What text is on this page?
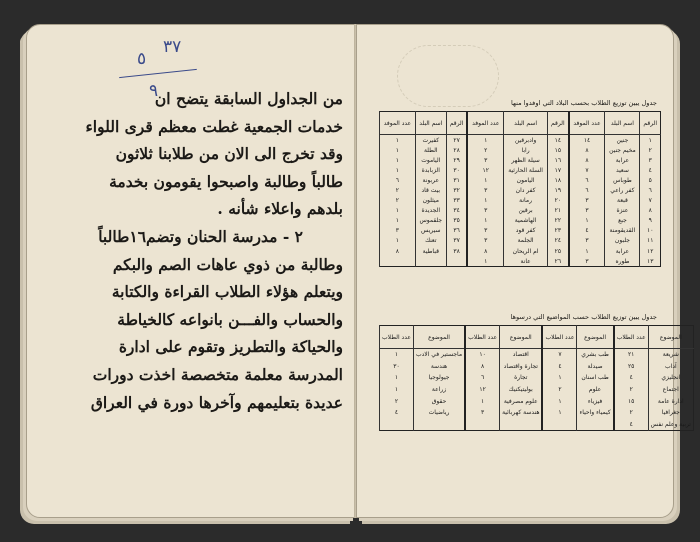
٣٧
٥
٩

من الجداول السابقة يتضح ان

خدمات الجمعية غطت معظم قرى اللواء

وقد تخرج الى الان من طلابنا ثلاثون

طالباً وطالبة واصبحوا يقومون بخدمة

بلدهم واعلاء شأنه .

٢ - مدرسة الحنان وتضم١٦طالباً

وطالبة من ذوي عاهات الصم والبكم

ويتعلم هؤلاء الطلاب القراءة والكتابة

والحساب والفـــن بانواعه كالخياطة

والحياكة والتطريز وتقوم على ادارة

المدرسة معلمة متخصصة اخذت دورات

عديدة بتعليمهم وآخرها دورة في العراق

جدول يبين توزيع الطلاب بحسب البلاد التي اوفدوا منها
الرقم	اسم البلد	عدد الموفد	الرقم	اسم البلد	عدد الموفد	الرقم	اسم البلد	عدد الموفد
١	جنين	١٤	١٤	وادبرقين	١	٢٧	كفيرت	١
٢	مخيم جنين	٨	١٥	رابا	٢	٢٨	الطلة	١
٣	عرابة	٨	١٦	سيلة الظهر	٣	٢٩	الياموت	١
٤	سعيد	٧	١٧	السلة الحارثية	١٢	٣٠	الزبابدة	١
٥	طوباس	٦	١٨	اليامون	١	٣١	عربونة	٦
٦	كفر راعي	٦	١٩	كفر دان	٣	٣٢	بيت قاد	٢
٧	قبعة	٣	٢٠	رمانة	١	٣٣	ميثلون	٢
٨	عنزة	٣	٢١	برقين	٣	٣٤	الجديدة	١
٩	جبع	١	٢٢	الهاشمية	١	٣٥	جلقموس	١
١٠	القديقومنة	٤	٢٣	كفر قود	٣	٣٦	سيريس	٣
١١	جلبون	٣	٢٤	الجلمة	٣	٣٧	تعنك	١
١٢	عرابة	١	٢٥	ام الريحان	٨	٣٨	قباطية	٨
١٣	طوره	٣	٢٦	عانة	١			
جدول يبين توزيع الطلاب حسب المواضيع التي درسوها
الموضوع	عدد الطلاب	الموضوع	عدد الطلاب	الموضوع	عدد الطلاب	الموضوع	عدد الطلاب
شريعة	٢١	طب بشري	٧	اقتصاد	١٠	ماجستير في الادب	١
آداب	٢٥	صيدلة	٤	تجارة واقتصاد	٨	هندسة	٣٠
انجليزي	٤	طب اسنان	١	تجارة	٦	جيولوجيا	١
اجتماع	٢	علوم	٢	بوليتيكنيك	١٢	زراعة	١
ادارة عامة	١٥	فيزياء	١	علوم مصرفية	١	حقوق	٢
جغرافيا	٢	كيمياء واحياء	١	هندسة كهربائية	٣	رياضيات	٤
تربية وعلم نفس	٤						
